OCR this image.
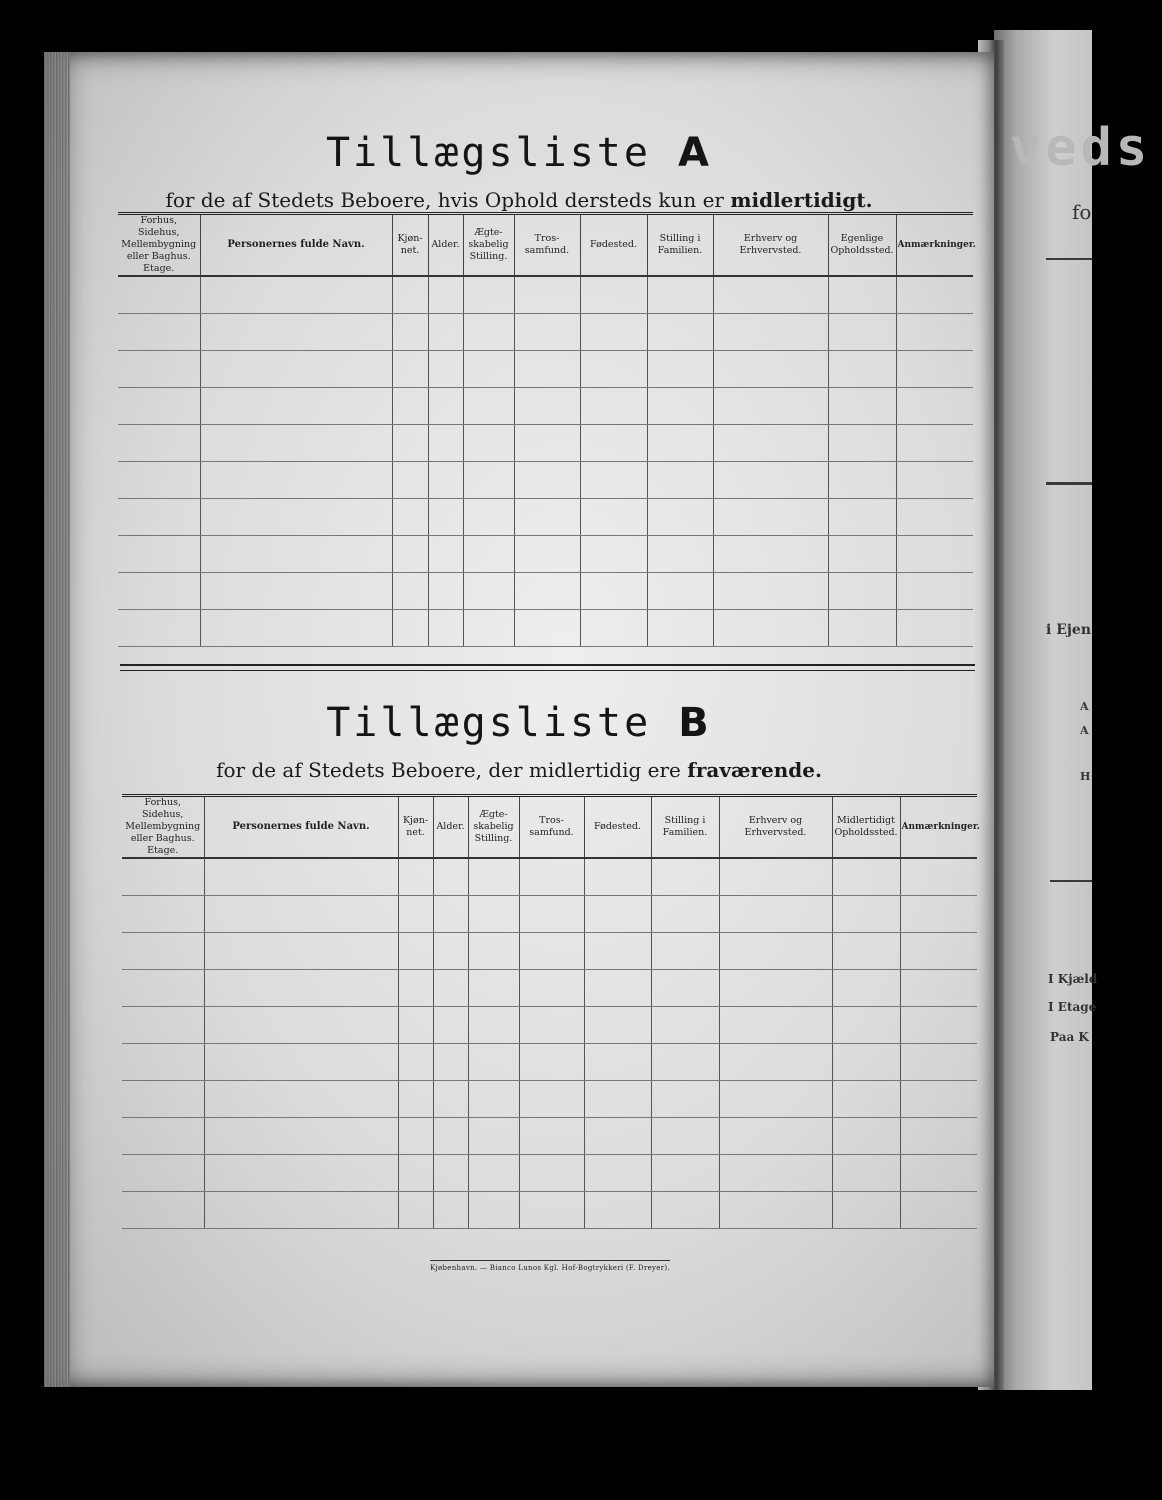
veds
fo
i Ejen
A
A
H
I Kjæld
I Etage
Paa K
Tillægsliste A
for de af Stedets Beboere, hvis Ophold dersteds kun er midlertidigt.
Forhus, Sidehus, Mellembygning eller Baghus. Etage.	Personernes fulde Navn.	Kjøn-net.	Alder.	Ægte-skabelig Stilling.	Tros-samfund.	Fødested.	Stilling i Familien.	Erhverv og Erhvervsted.	Egenlige Opholdssted.	Anmærkninger.

Tillægsliste B
for de af Stedets Beboere, der midlertidig ere fraværende.
Forhus, Sidehus, Mellembygning eller Baghus. Etage.	Personernes fulde Navn.	Kjøn-net.	Alder.	Ægte-skabelig Stilling.	Tros-samfund.	Fødested.	Stilling i Familien.	Erhverv og Erhvervsted.	Midlertidigt Opholdssted.	Anmærkninger.

Kjøbenhavn. — Bianco Lunos Kgl. Hof-Bogtrykkeri (F. Dreyer).
